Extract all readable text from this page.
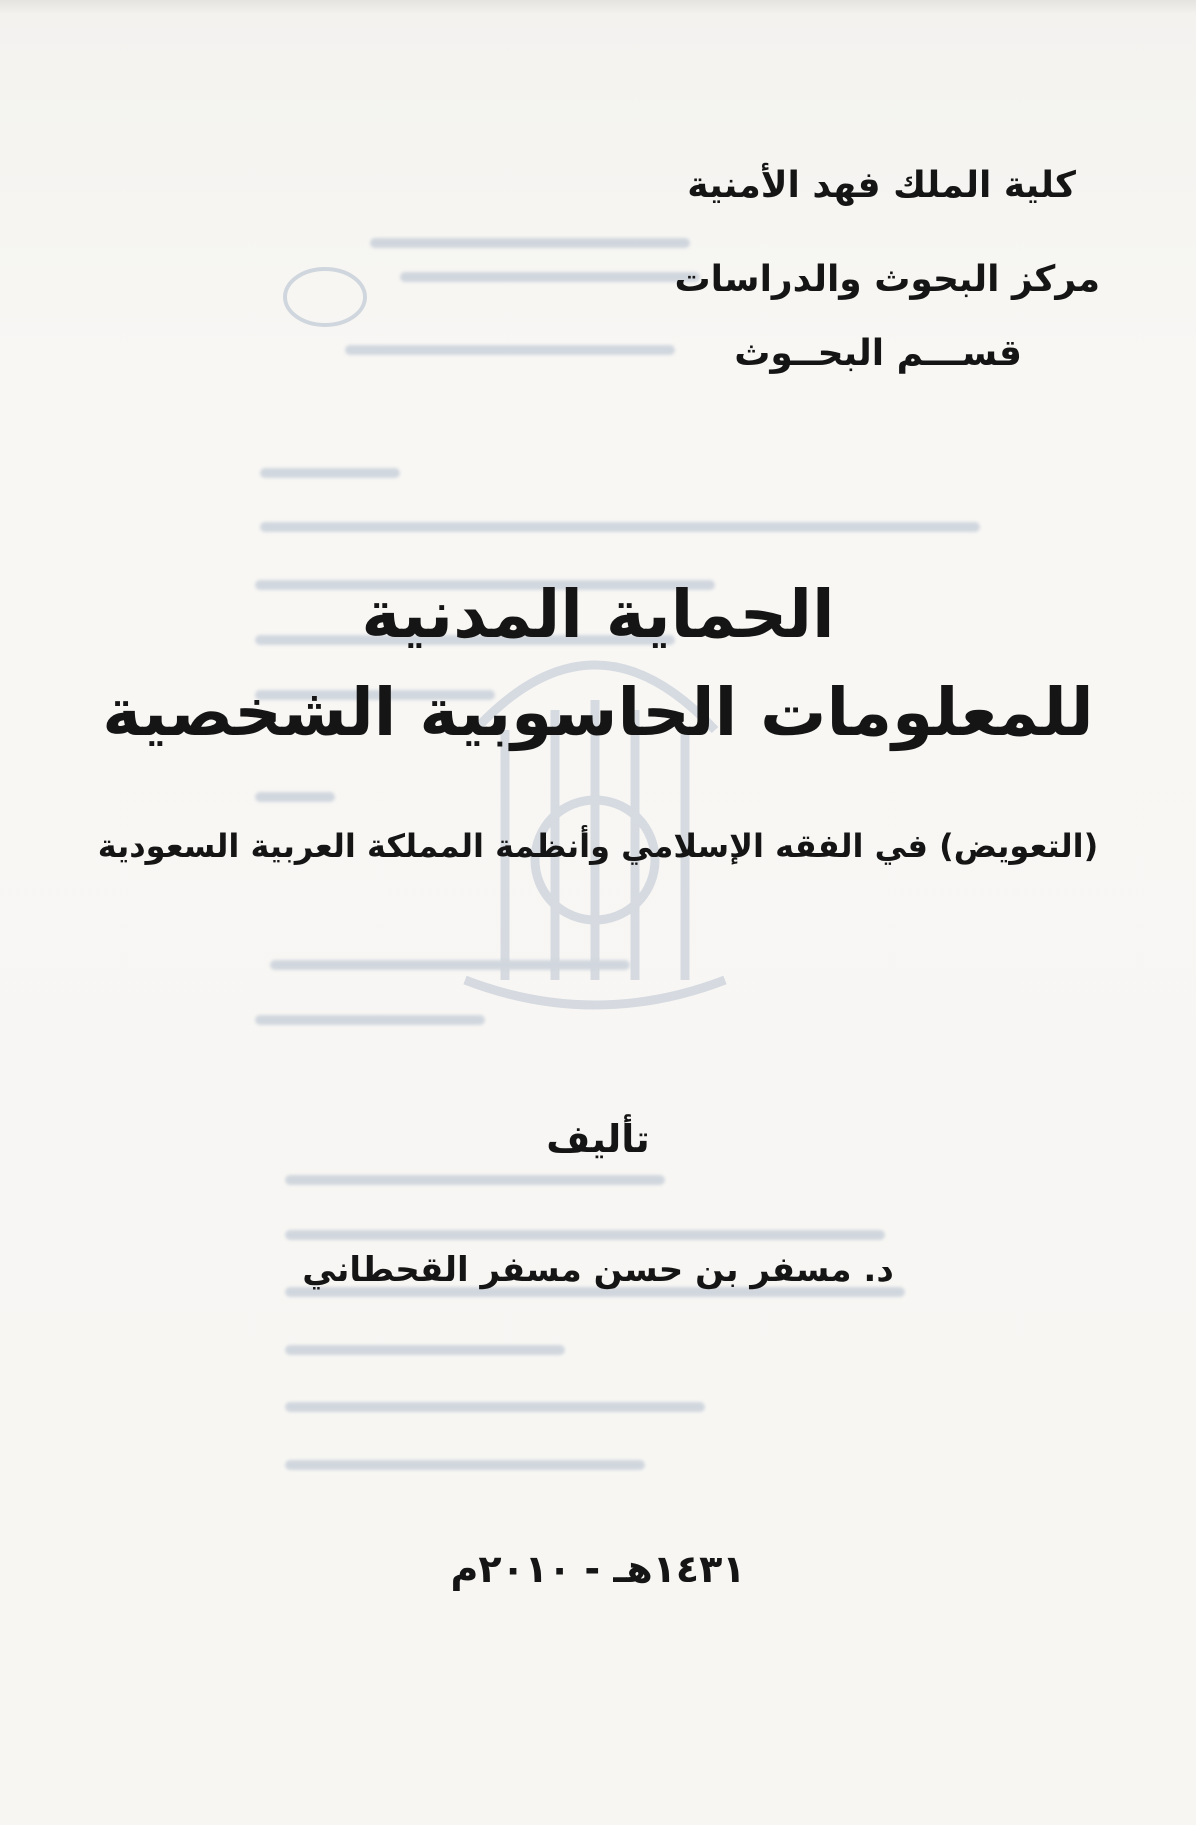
كلية الملك فهد الأمنية
مركز البحوث والدراسات
قســـم البحــوث
الحماية المدنية
للمعلومات الحاسوبية الشخصية
(التعويض) في الفقه الإسلامي وأنظمة المملكة العربية السعودية
تأليف
د. مسفر بن حسن مسفر القحطاني
١٤٣١هـ - ٢٠١٠م
